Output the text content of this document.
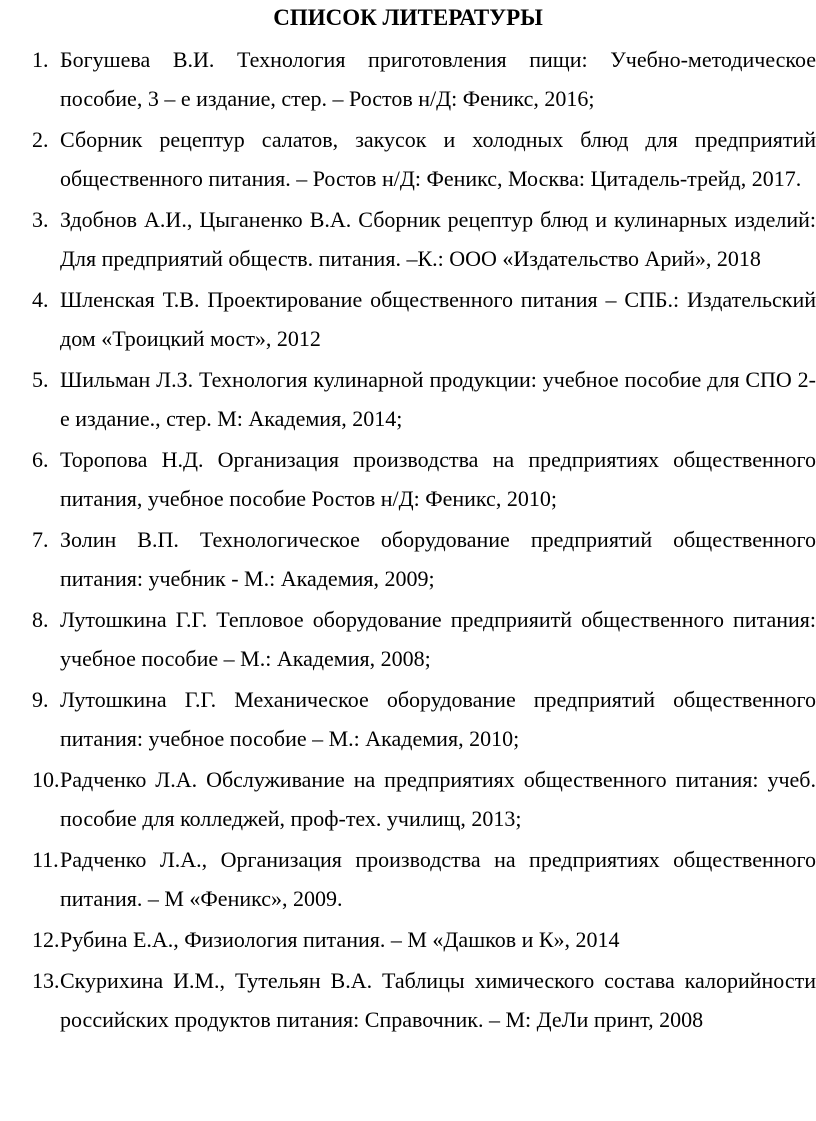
СПИСОК ЛИТЕРАТУРЫ
1. Богушева В.И. Технология приготовления пищи: Учебно-методическое пособие, 3 – е издание, стер. – Ростов н/Д: Феникс, 2016;
2. Сборник рецептур салатов, закусок и холодных блюд для предприятий общественного питания. – Ростов н/Д: Феникс, Москва: Цитадель-трейд, 2017.
3. Здобнов А.И., Цыганенко В.А. Сборник рецептур блюд и кулинарных изделий: Для предприятий обществ. питания. –К.: ООО «Издательство Арий», 2018
4. Шленская Т.В. Проектирование общественного питания – СПБ.: Издательский дом «Троицкий мост», 2012
5. Шильман Л.З. Технология кулинарной продукции: учебное пособие для СПО 2-е издание., стер. М: Академия, 2014;
6. Торопова Н.Д. Организация производства на предприятиях общественного питания, учебное пособие Ростов н/Д: Феникс, 2010;
7. Золин В.П. Технологическое оборудование предприятий общественного питания: учебник - М.: Академия, 2009;
8. Лутошкина Г.Г. Тепловое оборудование предприяитй общественного питания: учебное пособие – М.: Академия, 2008;
9. Лутошкина Г.Г. Механическое оборудование предприятий общественного питания: учебное пособие – М.: Академия, 2010;
10. Радченко Л.А. Обслуживание на предприятиях общественного питания: учеб. пособие для колледжей, проф-тех. училищ, 2013;
11. Радченко Л.А., Организация производства на предприятиях общественного питания. – М «Феникс», 2009.
12. Рубина Е.А., Физиология питания. – М «Дашков и К», 2014
13. Скурихина И.М., Тутельян В.А. Таблицы химического состава калорийности российских продуктов питания: Справочник. – М: ДеЛи принт, 2008
